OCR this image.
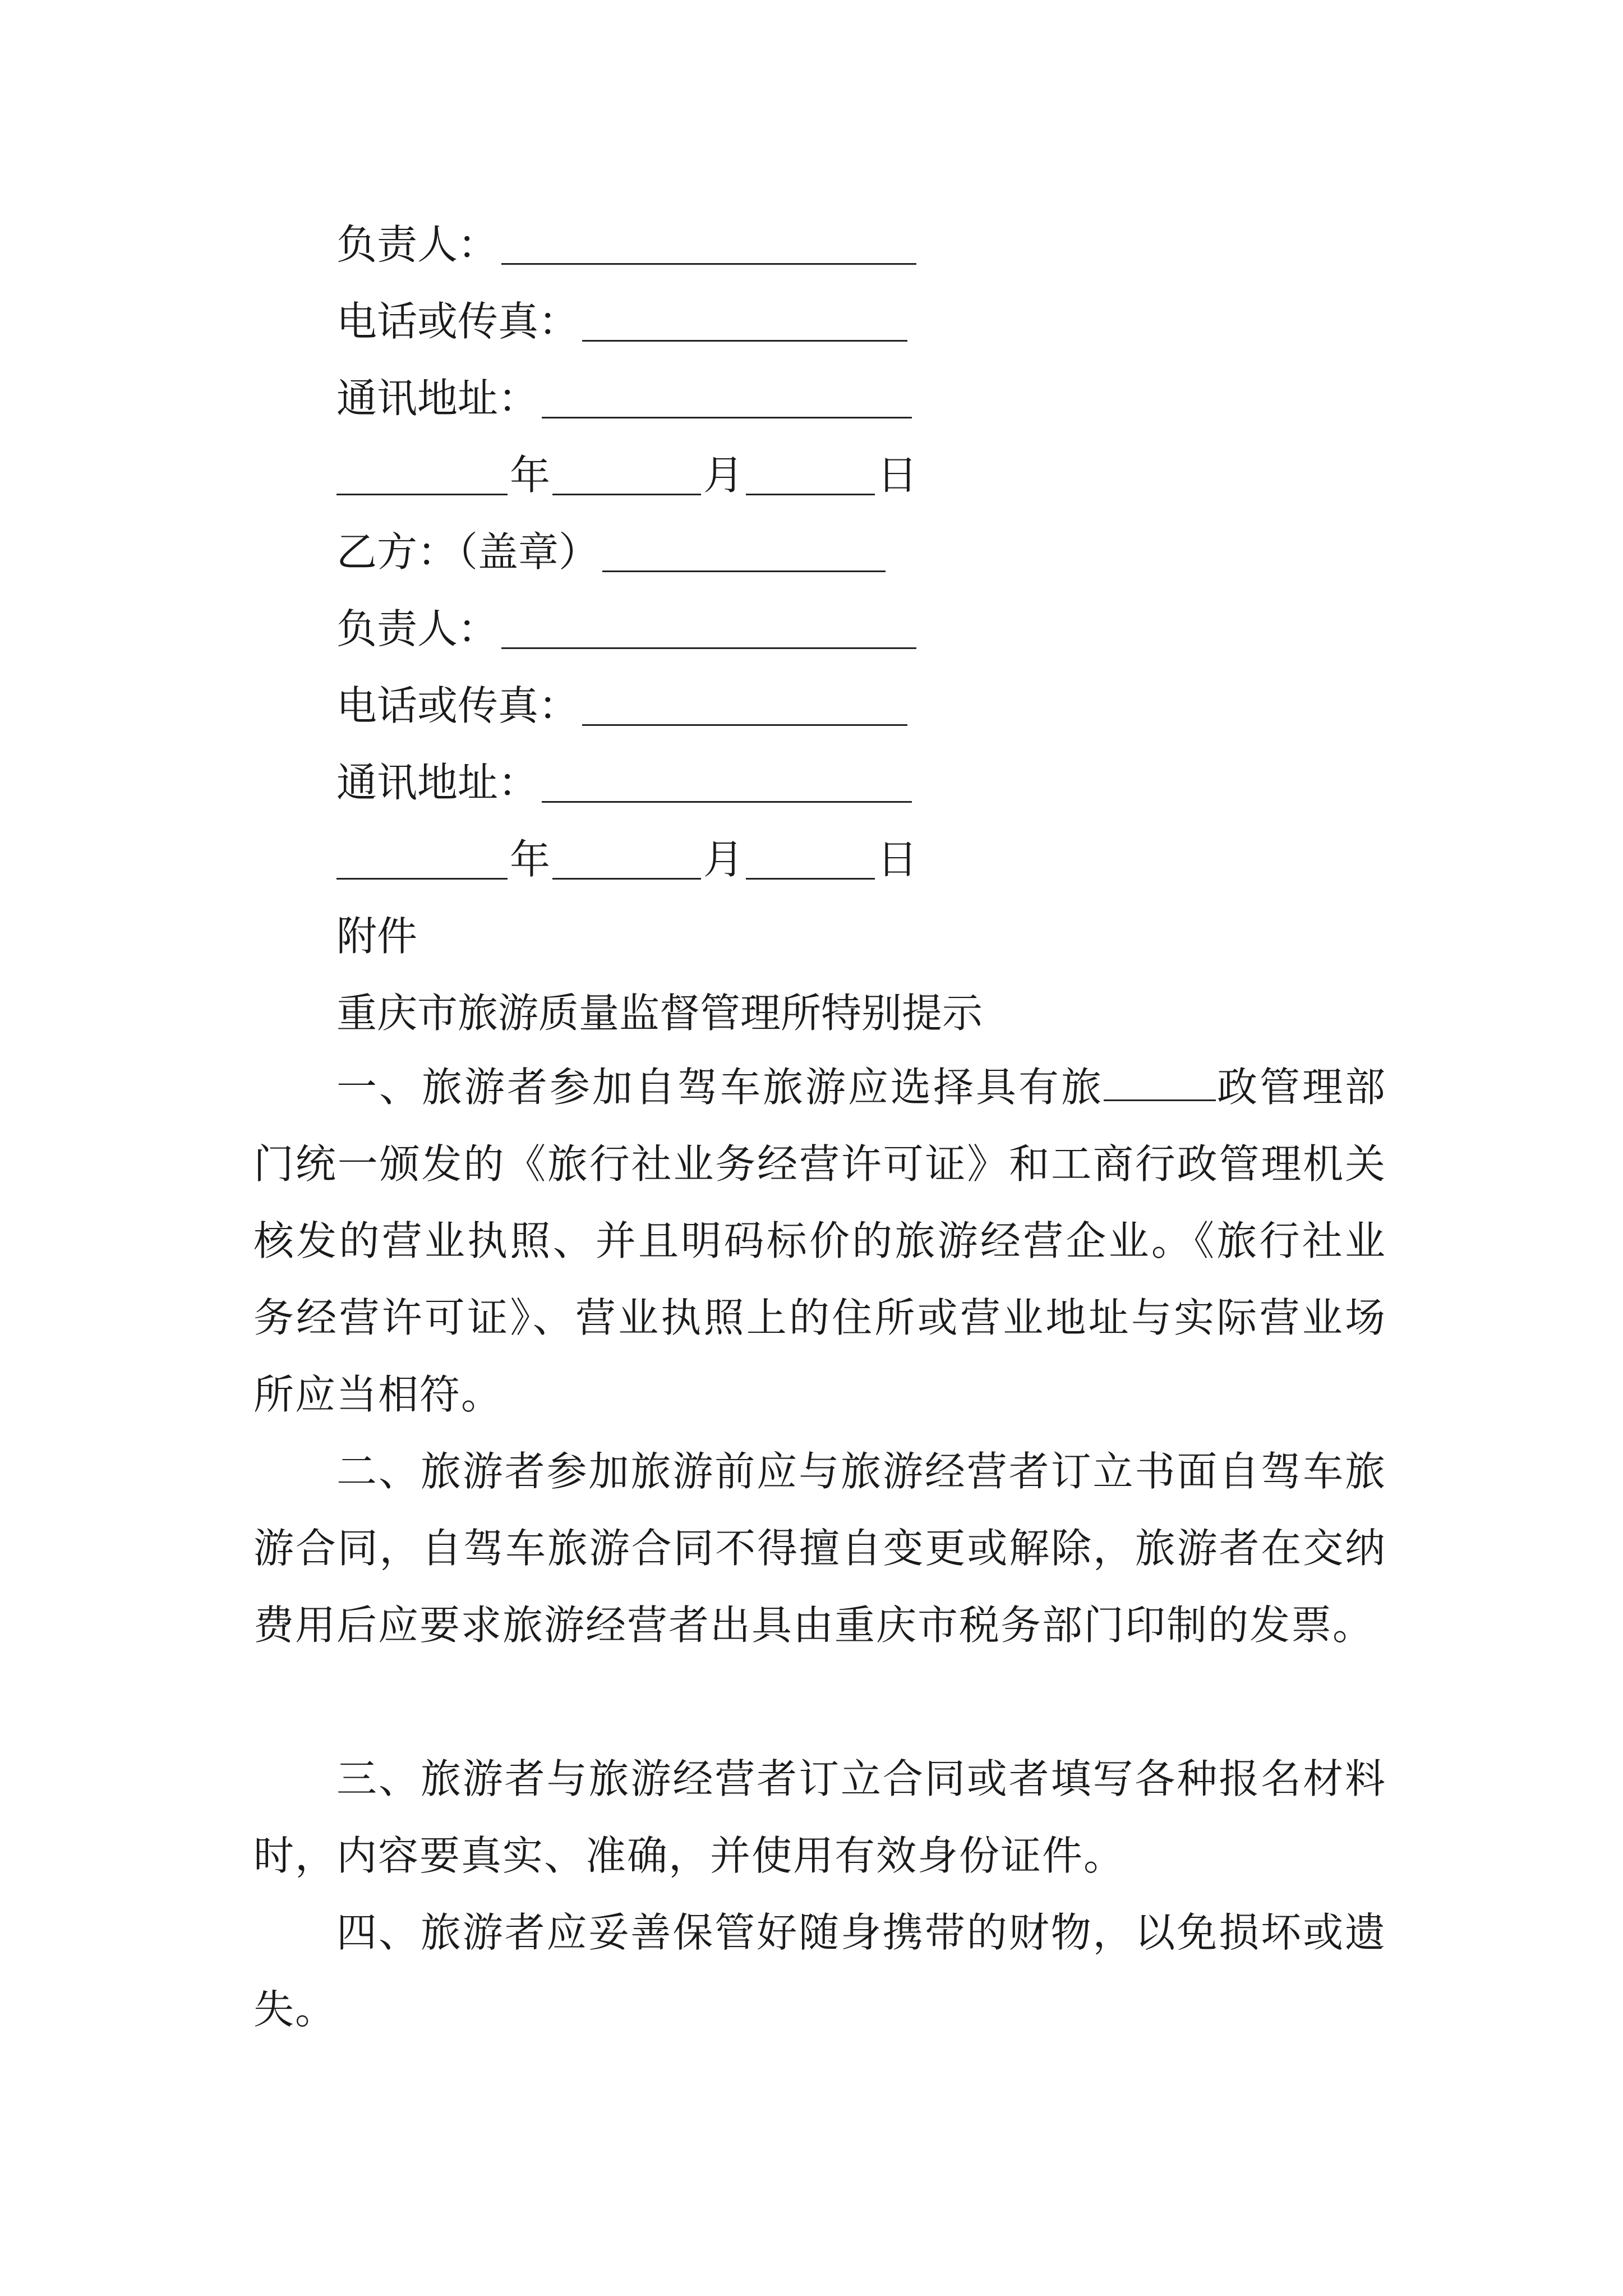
负责人：
电话或传真：
通讯地址：
年	月	日
乙方：（盖章）
负责人：
电话或传真：
通讯地址：
年	月	日
附件
重庆市旅游质量监督管理所特别提示
一、旅游者参加自驾车旅游应选择具有旅	政管理部门统一颁发的《旅行社业务经营许可证》和工商行政管理机关核发的营业执照、并且明码标价的旅游经营企业。《旅行社业务经营许可证》、营业执照上的住所或营业地址与实际营业场所应当相符。
二、旅游者参加旅游前应与旅游经营者订立书面自驾车旅游合同，自驾车旅游合同不得擅自变更或解除，旅游者在交纳费用后应要求旅游经营者出具由重庆市税务部门印制的发票。
三、旅游者与旅游经营者订立合同或者填写各种报名材料时，内容要真实、准确，并使用有效身份证件。
四、旅游者应妥善保管好随身携带的财物，以免损坏或遗失。
